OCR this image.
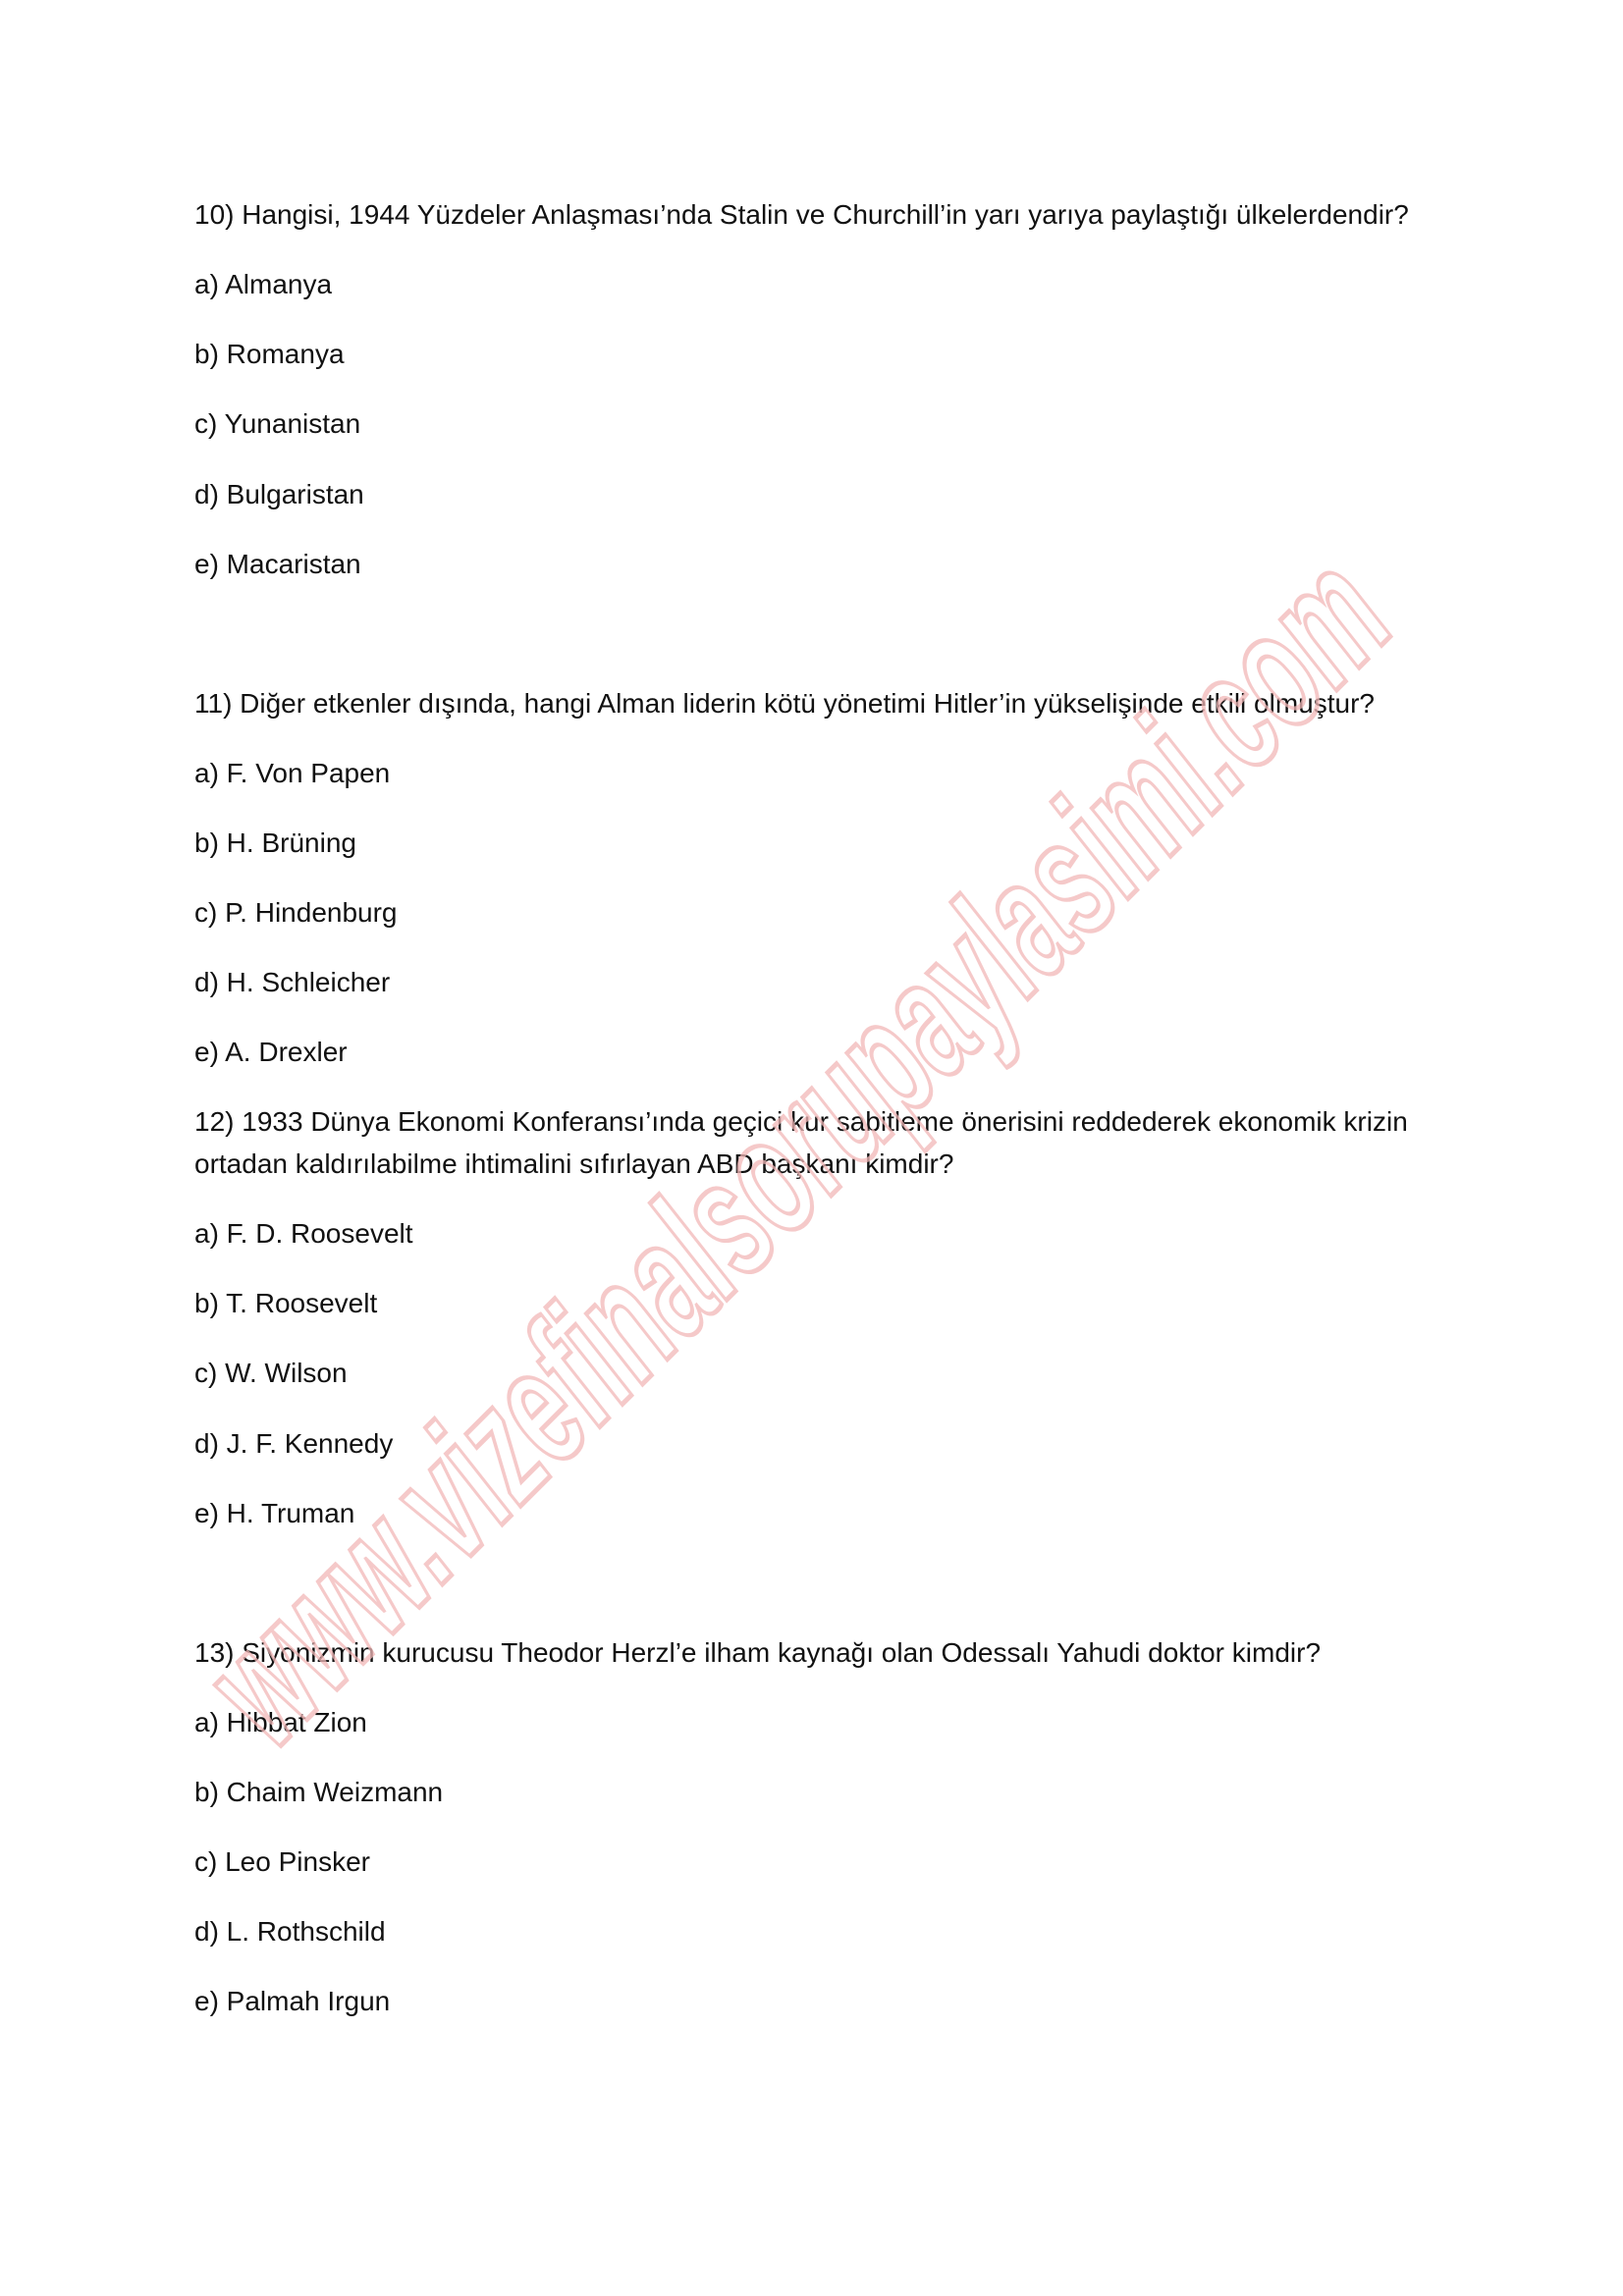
10) Hangisi, 1944 Yüzdeler Anlaşması’nda Stalin ve Churchill’in yarı yarıya paylaştığı ülkelerdendir?
a) Almanya
b) Romanya
c) Yunanistan
d) Bulgaristan
e) Macaristan
11) Diğer etkenler dışında, hangi Alman liderin kötü yönetimi Hitler’in yükselişinde etkili olmuştur?
a) F. Von Papen
b) H. Brüning
c) P. Hindenburg
d) H. Schleicher
e) A. Drexler
12) 1933 Dünya Ekonomi Konferansı’ında geçici kur sabitleme önerisini reddederek ekonomik krizin
ortadan kaldırılabilme ihtimalini sıfırlayan ABD başkanı kimdir?
a) F. D. Roosevelt
b) T. Roosevelt
c) W. Wilson
d) J. F. Kennedy
e) H. Truman
13) Siyonizmin kurucusu Theodor Herzl’e ilham kaynağı olan Odessalı Yahudi doktor kimdir?
a) Hibbat Zion
b) Chaim Weizmann
c) Leo Pinsker
d) L. Rothschild
e) Palmah Irgun
